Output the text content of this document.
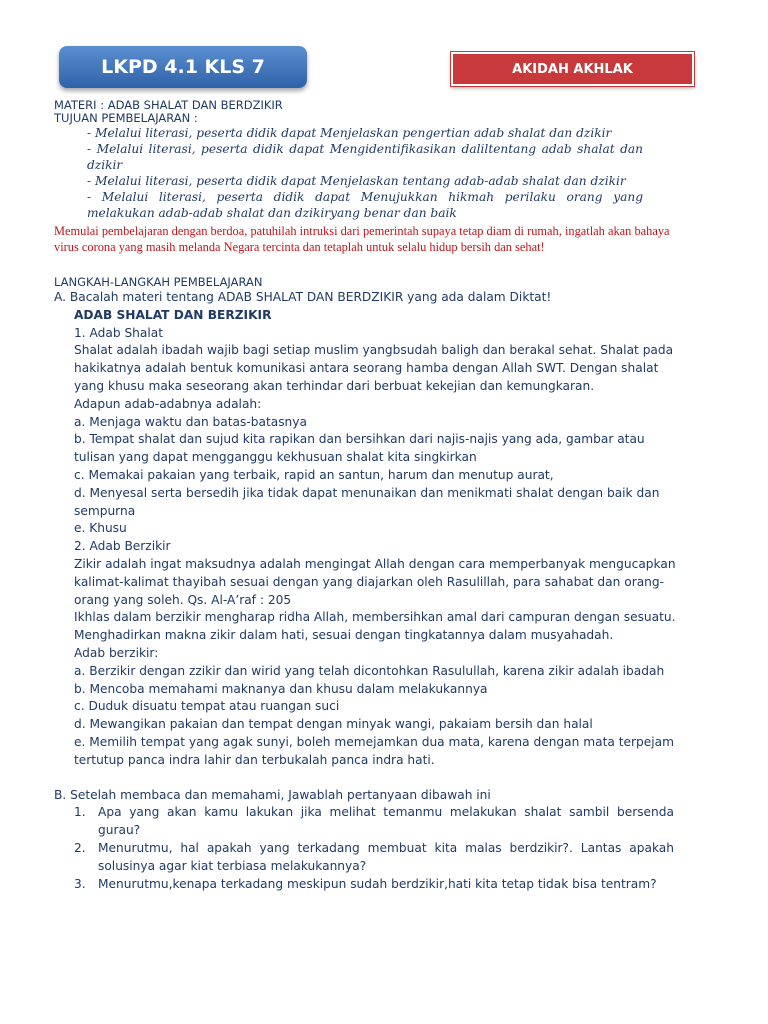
LKPD 4.1 KLS 7	AKIDAH AKHLAK
MATERI : ADAB SHALAT DAN BERDZIKIR
TUJUAN PEMBELAJARAN :
- Melalui literasi, peserta didik dapat Menjelaskan pengertian adab shalat dan dzikir
- Melalui literasi, peserta didik dapat Mengidentifikasikan daliltentang adab shalat dan dzikir
- Melalui literasi, peserta didik dapat Menjelaskan tentang adab-adab shalat dan dzikir
- Melalui literasi, peserta didik dapat Menujukkan hikmah perilaku orang yang melakukan adab-adab shalat dan dzikiryang benar dan baik
Memulai pembelajaran dengan berdoa, patuhilah intruksi dari pemerintah supaya tetap diam di rumah, ingatlah akan bahaya virus corona yang masih melanda Negara tercinta dan tetaplah untuk selalu hidup bersih dan sehat!
LANGKAH-LANGKAH PEMBELAJARAN
A. Bacalah materi tentang ADAB SHALAT DAN BERDZIKIR yang ada dalam Diktat!
ADAB SHALAT DAN BERZIKIR
1. Adab Shalat
Shalat adalah ibadah wajib bagi setiap muslim yangbsudah baligh dan berakal sehat. Shalat pada hakikatnya adalah bentuk komunikasi antara seorang hamba dengan Allah SWT. Dengan shalat yang khusu maka seseorang akan terhindar dari berbuat kekejian dan kemungkaran.
Adapun adab-adabnya adalah:
a. Menjaga waktu dan batas-batasnya
b. Tempat shalat dan sujud kita rapikan dan bersihkan dari najis-najis yang ada, gambar atau tulisan yang dapat mengganggu kekhusuan shalat kita singkirkan
c. Memakai pakaian yang terbaik, rapid an santun, harum dan menutup aurat,
d. Menyesal serta bersedih jika tidak dapat menunaikan dan menikmati shalat dengan baik dan sempurna
e. Khusu
2. Adab Berzikir
Zikir adalah ingat maksudnya adalah mengingat Allah dengan cara memperbanyak mengucapkan kalimat-kalimat thayibah sesuai dengan yang diajarkan oleh Rasulillah, para sahabat dan orang-orang yang soleh. Qs. Al-A’raf : 205
Ikhlas dalam berzikir mengharap ridha Allah, membersihkan amal dari campuran dengan sesuatu. Menghadirkan makna zikir dalam hati, sesuai dengan tingkatannya dalam musyahadah.
Adab berzikir:
a. Berzikir dengan zzikir dan wirid yang telah dicontohkan Rasulullah, karena zikir adalah ibadah
b. Mencoba memahami maknanya dan khusu dalam melakukannya
c. Duduk disuatu tempat atau ruangan suci
d. Mewangikan pakaian dan tempat dengan minyak wangi, pakaiam bersih dan halal
e. Memilih tempat yang agak sunyi, boleh memejamkan dua mata, karena dengan mata terpejam tertutup panca indra lahir dan terbukalah panca indra hati.
B. Setelah membaca dan memahami, Jawablah pertanyaan dibawah ini
1.	Apa yang akan kamu lakukan jika melihat temanmu melakukan shalat sambil bersenda gurau?
2.	Menurutmu, hal apakah yang terkadang membuat kita malas berdzikir?. Lantas apakah solusinya agar kiat terbiasa melakukannya?
3.	Menurutmu,kenapa terkadang meskipun sudah berdzikir,hati kita tetap tidak bisa tentram?
